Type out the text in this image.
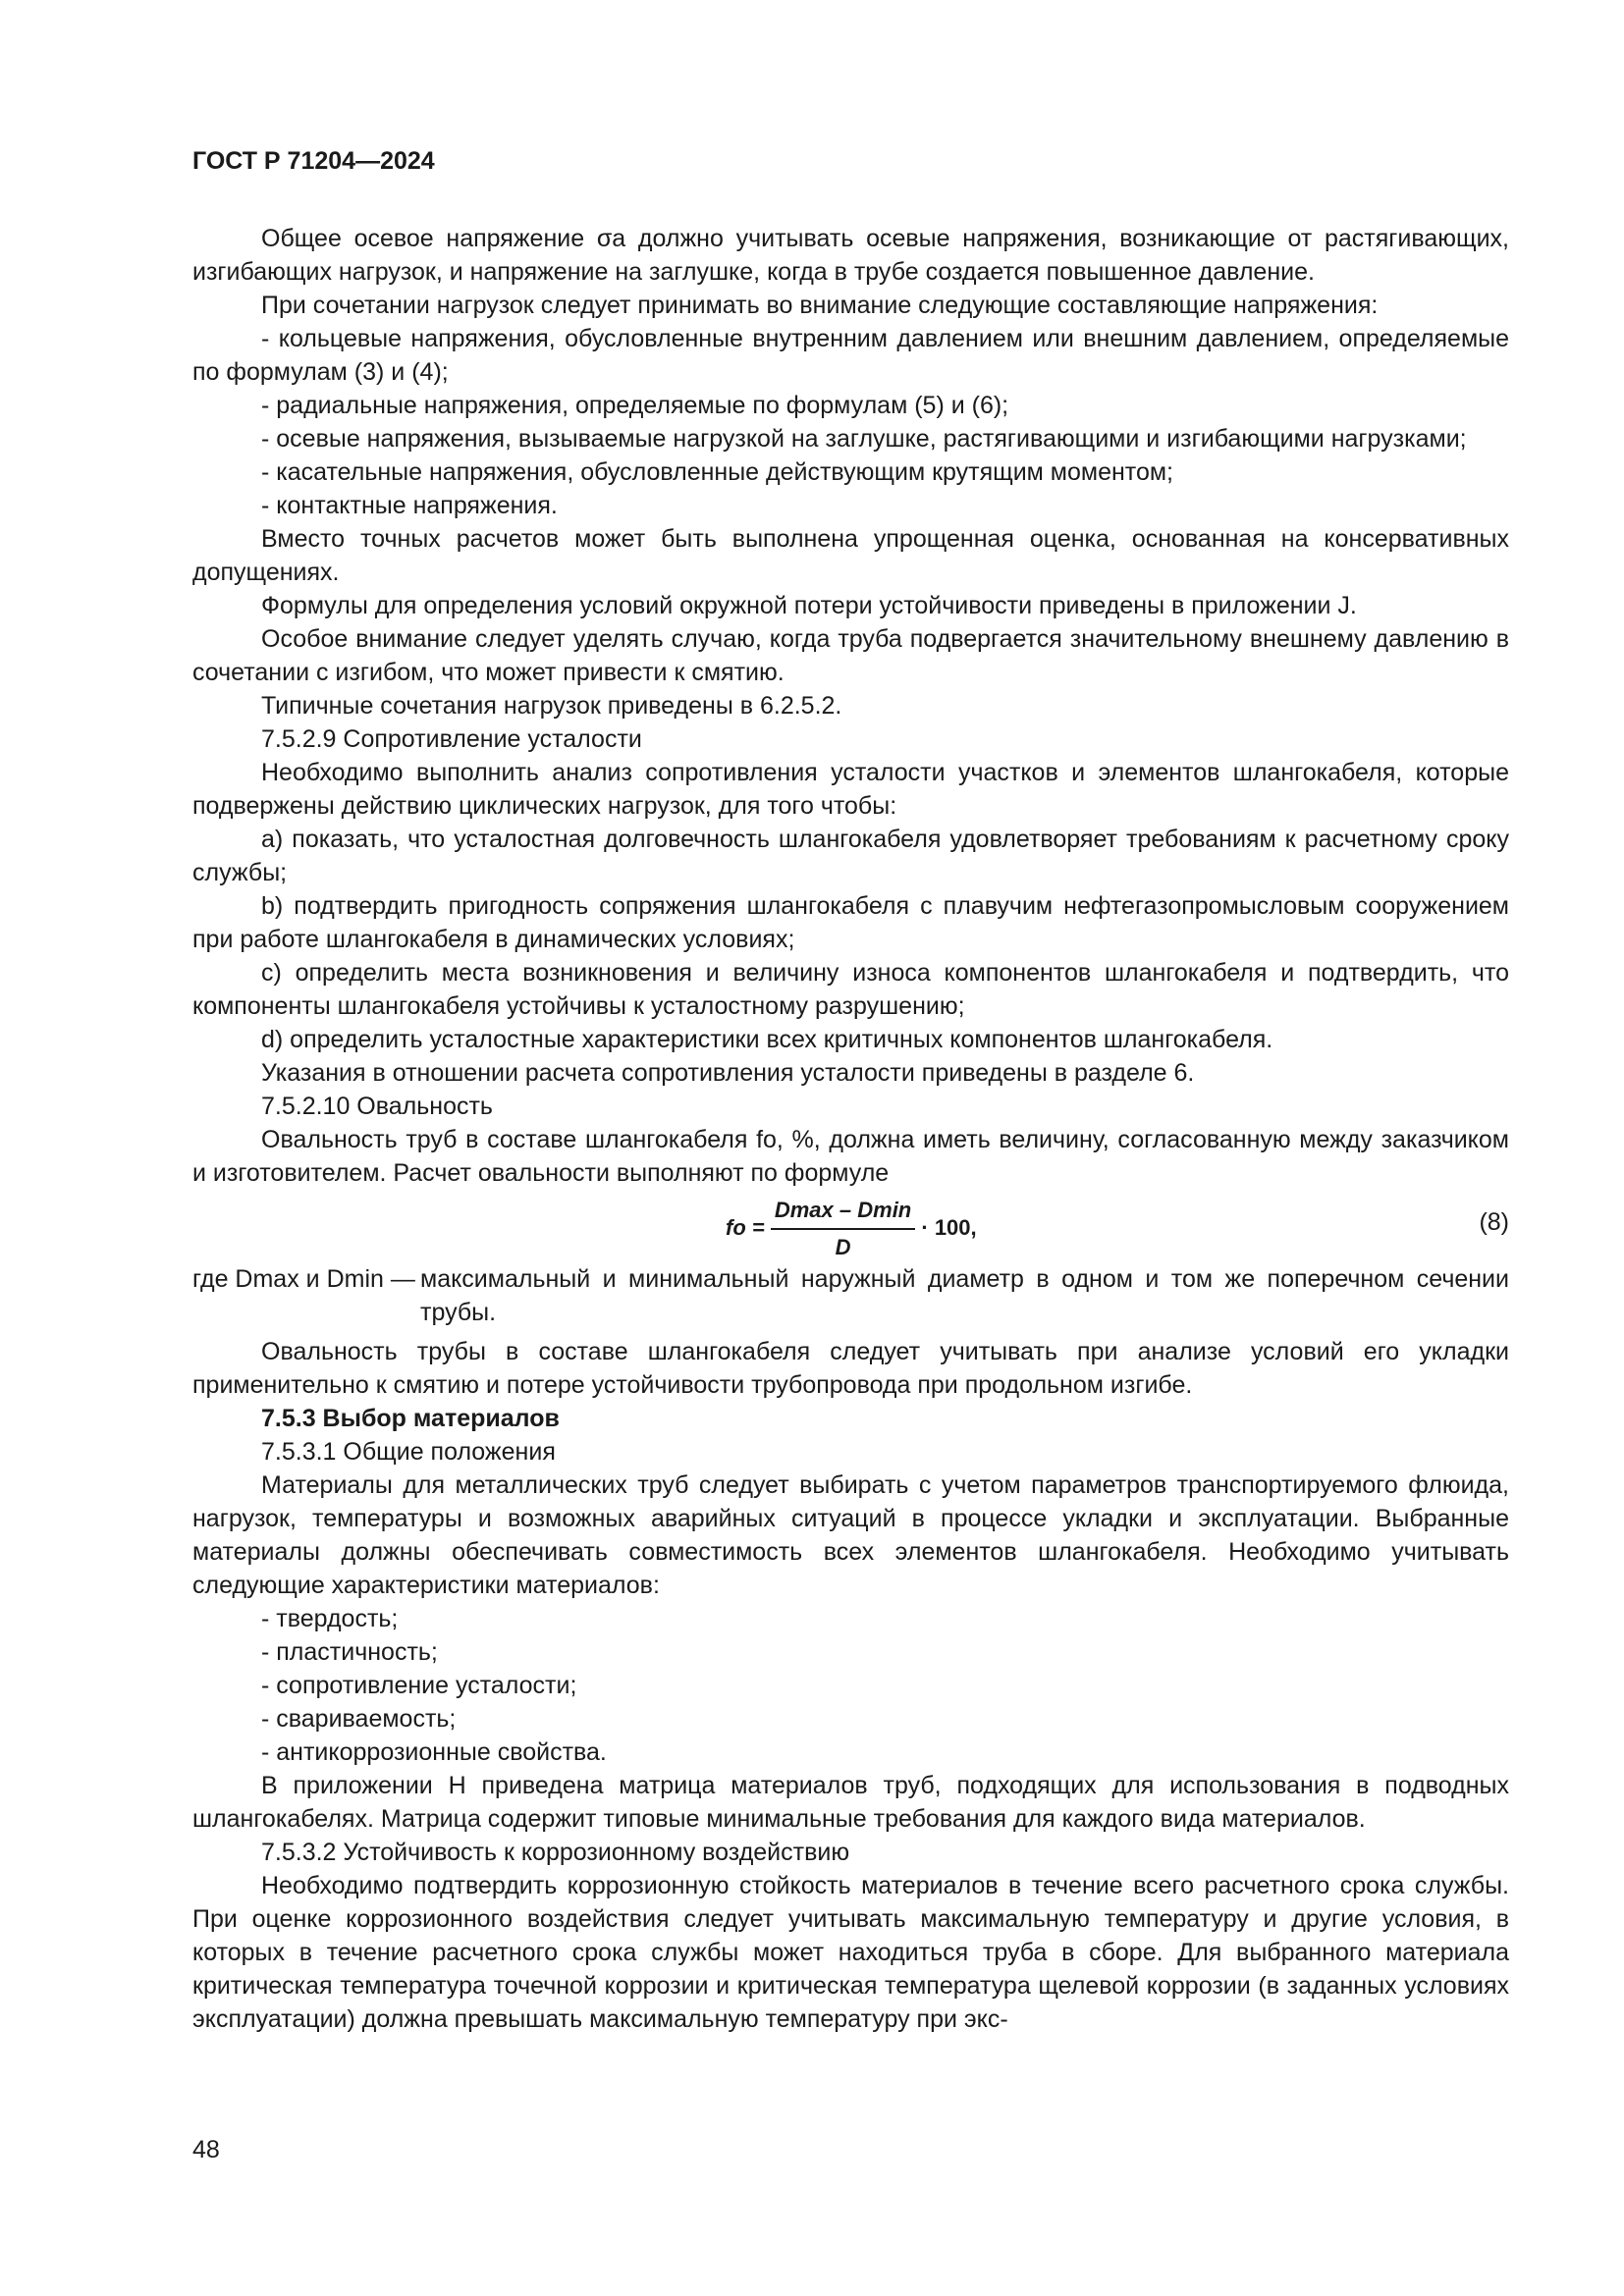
ГОСТ Р 71204—2024

Общее осевое напряжение σа должно учитывать осевые напряжения, возникающие от растягивающих, изгибающих нагрузок, и напряжение на заглушке, когда в трубе создается повышенное давление.

При сочетании нагрузок следует принимать во внимание следующие составляющие напряжения:

- кольцевые напряжения, обусловленные внутренним давлением или внешним давлением, определяемые по формулам (3) и (4);

- радиальные напряжения, определяемые по формулам (5) и (6);

- осевые напряжения, вызываемые нагрузкой на заглушке, растягивающими и изгибающими нагрузками;

- касательные напряжения, обусловленные действующим крутящим моментом;

- контактные напряжения.

Вместо точных расчетов может быть выполнена упрощенная оценка, основанная на консервативных допущениях.

Формулы для определения условий окружной потери устойчивости приведены в приложении J.

Особое внимание следует уделять случаю, когда труба подвергается значительному внешнему давлению в сочетании с изгибом, что может привести к смятию.

Типичные сочетания нагрузок приведены в 6.2.5.2.

7.5.2.9 Сопротивление усталости

Необходимо выполнить анализ сопротивления усталости участков и элементов шлангокабеля, которые подвержены действию циклических нагрузок, для того чтобы:

а) показать, что усталостная долговечность шлангокабеля удовлетворяет требованиям к расчетному сроку службы;

b) подтвердить пригодность сопряжения шлангокабеля с плавучим нефтегазопромысловым сооружением при работе шлангокабеля в динамических условиях;

с) определить места возникновения и величину износа компонентов шлангокабеля и подтвердить, что компоненты шлангокабеля устойчивы к усталостному разрушению;

d) определить усталостные характеристики всех критичных компонентов шлангокабеля.

Указания в отношении расчета сопротивления усталости приведены в разделе 6.

7.5.2.10 Овальность

Овальность труб в составе шлангокабеля fо, %, должна иметь величину, согласованную между заказчиком и изготовителем. Расчет овальности выполняют по формуле

fо = $\frac{Dmax - Dmin}{D} \cdot 100$,	(8)
где Dmax и Dmin — максимальный и минимальный наружный диаметр в одном и том же поперечном сечении трубы.

Овальность трубы в составе шлангокабеля следует учитывать при анализе условий его укладки применительно к смятию и потере устойчивости трубопровода при продольном изгибе.

7.5.3 Выбор материалов

7.5.3.1 Общие положения

Материалы для металлических труб следует выбирать с учетом параметров транспортируемого флюида, нагрузок, температуры и возможных аварийных ситуаций в процессе укладки и эксплуатации. Выбранные материалы должны обеспечивать совместимость всех элементов шлангокабеля. Необходимо учитывать следующие характеристики материалов:

- твердость;

- пластичность;

- сопротивление усталости;

- свариваемость;

- антикоррозионные свойства.

В приложении Н приведена матрица материалов труб, подходящих для использования в подводных шлангокабелях. Матрица содержит типовые минимальные требования для каждого вида материалов.

7.5.3.2 Устойчивость к коррозионному воздействию

Необходимо подтвердить коррозионную стойкость материалов в течение всего расчетного срока службы. При оценке коррозионного воздействия следует учитывать максимальную температуру и другие условия, в которых в течение расчетного срока службы может находиться труба в сборе. Для выбранного материала критическая температура точечной коррозии и критическая температура щелевой коррозии (в заданных условиях эксплуатации) должна превышать максимальную температуру при экс-

48
